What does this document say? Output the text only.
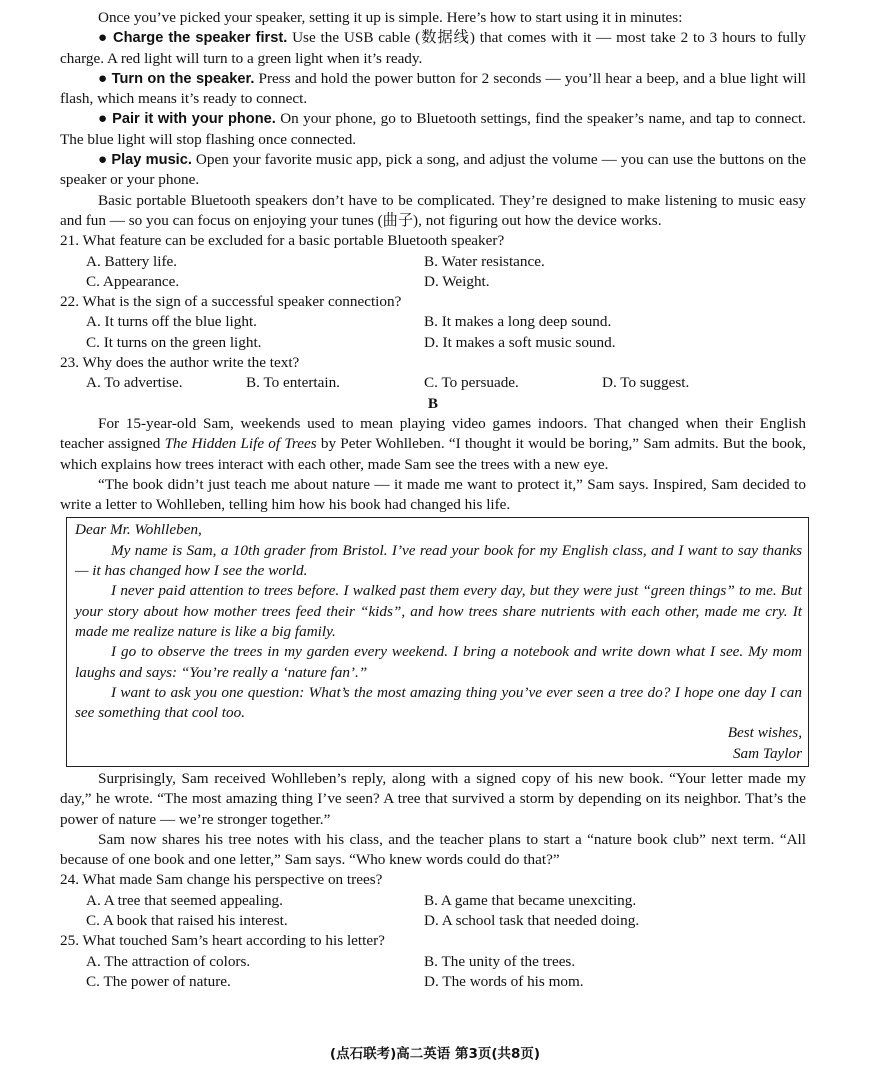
Once you’ve picked your speaker, setting it up is simple. Here’s how to start using it in minutes:

● Charge the speaker first. Use the USB cable (数据线) that comes with it — most take 2 to 3 hours to fully charge. A red light will turn to a green light when it’s ready.

● Turn on the speaker. Press and hold the power button for 2 seconds — you’ll hear a beep, and a blue light will flash, which means it’s ready to connect.

● Pair it with your phone. On your phone, go to Bluetooth settings, find the speaker’s name, and tap to connect. The blue light will stop flashing once connected.

● Play music. Open your favorite music app, pick a song, and adjust the volume — you can use the buttons on the speaker or your phone.

Basic portable Bluetooth speakers don’t have to be complicated. They’re designed to make listening to music easy and fun — so you can focus on enjoying your tunes (曲子), not figuring out how the device works.

21. What feature can be excluded for a basic portable Bluetooth speaker?

A. Battery life.	B. Water resistance.
C. Appearance.	D. Weight.

22. What is the sign of a successful speaker connection?

A. It turns off the blue light.	B. It makes a long deep sound.
C. It turns on the green light.	D. It makes a soft music sound.

23. Why does the author write the text?

A. To advertise.	B. To entertain.	C. To persuade.	D. To suggest.

B

For 15-year-old Sam, weekends used to mean playing video games indoors. That changed when their English teacher assigned The Hidden Life of Trees by Peter Wohlleben. “I thought it would be boring,” Sam admits. But the book, which explains how trees interact with each other, made Sam see the trees with a new eye.

“The book didn’t just teach me about nature — it made me want to protect it,” Sam says. Inspired, Sam decided to write a letter to Wohlleben, telling him how his book had changed his life.

Dear Mr. Wohlleben,

My name is Sam, a 10th grader from Bristol. I’ve read your book for my English class, and I want to say thanks — it has changed how I see the world.

I never paid attention to trees before. I walked past them every day, but they were just “green things” to me. But your story about how mother trees feed their “kids”, and how trees share nutrients with each other, made me cry. It made me realize nature is like a big family.

I go to observe the trees in my garden every weekend. I bring a notebook and write down what I see. My mom laughs and says: “You’re really a ‘nature fan’.”

I want to ask you one question: What’s the most amazing thing you’ve ever seen a tree do? I hope one day I can see something that cool too.

Best wishes,

Sam Taylor

Surprisingly, Sam received Wohlleben’s reply, along with a signed copy of his new book. “Your letter made my day,” he wrote. “The most amazing thing I’ve seen? A tree that survived a storm by depending on its neighbor. That’s the power of nature — we’re stronger together.”

Sam now shares his tree notes with his class, and the teacher plans to start a “nature book club” next term. “All because of one book and one letter,” Sam says. “Who knew words could do that?”

24. What made Sam change his perspective on trees?

A. A tree that seemed appealing.	B. A game that became unexciting.
C. A book that raised his interest.	D. A school task that needed doing.

25. What touched Sam’s heart according to his letter?

A. The attraction of colors.	B. The unity of the trees.
C. The power of nature.	D. The words of his mom.
(点石联考)高二英语 第3页(共8页)
